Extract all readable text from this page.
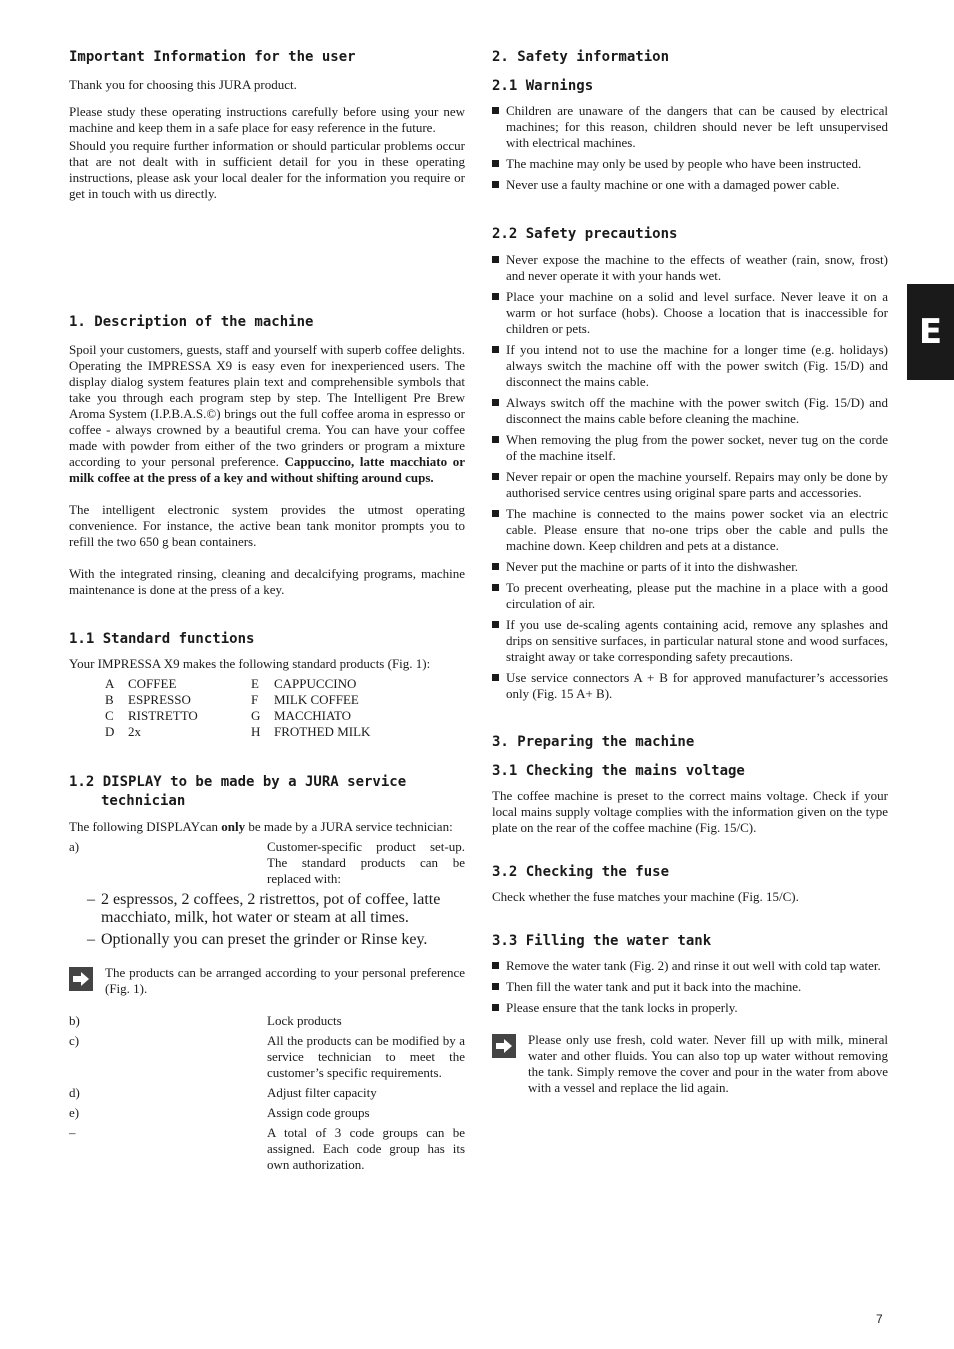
Important Information for the user

Thank you for choosing this JURA product.

Please study these operating instructions carefully before using your new machine and keep them in a safe place for easy reference in the future.

Should you require further information or should particular problems occur that are not dealt with in sufficient detail for you in these operating instructions, please ask your local dealer for the information you require or get in touch with us directly.

1. Description of the machine

Spoil your customers, guests, staff and yourself with superb coffee delights. Operating the IMPRESSA X9 is easy even for inexperienced users. The display dialog system features plain text and comprehensible symbols that take you through each program step by step. The Intelligent Pre Brew Aroma System (I.P.B.A.S.©) brings out the full coffee aroma in espresso or coffee - always crowned by a beautiful crema. You can have your coffee made with powder from either of the two grinders or program a mixture according to your personal preference. Cappuccino, latte macchiato or milk coffee at the press of a key and without shifting around cups.

The intelligent electronic system provides the utmost operating convenience. For instance, the active bean tank monitor prompts you to refill the two 650 g bean containers.

With the integrated rinsing, cleaning and decalcifying programs, machine maintenance is done at the press of a key.

1.1 Standard functions

Your IMPRESSA X9 makes the following standard products (Fig. 1):

A	COFFEE	E	CAPPUCCINO
B	ESPRESSO	F	MILK COFFEE
C	RISTRETTO	G	MACCHIATO
D	2x	H	FROTHED MILK
1.2 DISPLAY to be made by a JURA service
technician

The following DISPLAYcan only be made by a JURA service technician:

a)	Customer-specific product set-up. The standard products can be replaced with:
– 2 espressos, 2 coffees, 2 ristrettos, pot of coffee, latte macchiato, milk, hot water or steam at all times.
– Optionally you can preset the grinder or Rinse key.

The products can be arranged according to your personal preference (Fig. 1).

b)	Lock products
c)	All the products can be modified by a service technician to meet the customer’s specific requirements.
d)	Adjust filter capacity
e)	Assign code groups
–	A total of 3 code groups can be assigned. Each code group has its own authorization.
2. Safety information
2.1 Warnings
Children are unaware of the dangers that can be caused by electrical machines; for this reason, children should never be left unsupervised with electrical machines.
The machine may only be used by people who have been instructed.
Never use a faulty machine or one with a damaged power cable.
2.2 Safety precautions
Never expose the machine to the effects of weather (rain, snow, frost) and never operate it with your hands wet.
Place your machine on a solid and level surface. Never leave it on a warm or hot surface (hobs). Choose a location that is inaccessible for children or pets.
If you intend not to use the machine for a longer time (e.g. holidays) always switch the machine off with the power switch (Fig. 15/D) and disconnect the mains cable.
Always switch off the machine with the power switch (Fig. 15/D) and disconnect the mains cable before cleaning the machine.
When removing the plug from the power socket, never tug on the corde of the machine itself.
Never repair or open the machine yourself. Repairs may only be done by authorised service centres using original spare parts and accessories.
The machine is connected to the mains power socket via an electric cable. Please ensure that no-one trips ober the cable and pulls the machine down. Keep children and pets at a distance.
Never put the machine or parts of it into the dishwasher.
To precent overheating, please put the machine in a place with a good circulation of air.
If you use de-scaling agents containing acid, remove any splashes and drips on sensitive surfaces, in particular natural stone and wood surfaces, straight away or take corresponding safety precautions.
Use service connectors A + B for approved manufacturer’s accessories only (Fig. 15 A+ B).
3. Preparing the machine
3.1 Checking the mains voltage

The coffee machine is preset to the correct mains voltage. Check if your local mains supply voltage complies with the information given on the type plate on the rear of the coffee machine (Fig. 15/C).

3.2 Checking the fuse

Check whether the fuse matches your machine (Fig. 15/C).

3.3 Filling the water tank
Remove the water tank (Fig. 2) and rinse it out well with cold tap water.
Then fill the water tank and put it back into the machine.
Please ensure that the tank locks in properly.

Please only use fresh, cold water. Never fill up with milk, mineral water and other fluids. You can also top up water without removing the tank. Simply remove the cover and pour in the water from above with a vessel and replace the lid again.

E
7
